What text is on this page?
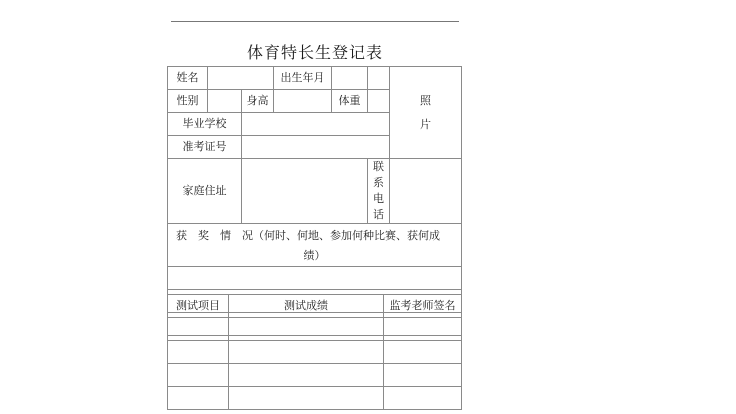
体育特长生登记表
姓名			出生年月			照
片

性别		身高		体重		
毕业学校						
准考证号						
家庭住址					联系
电话	

获　奖　情　况（何时、何地、参加何种比赛、获何成
绩）						

测试项目	测试成绩	监考老师签名
